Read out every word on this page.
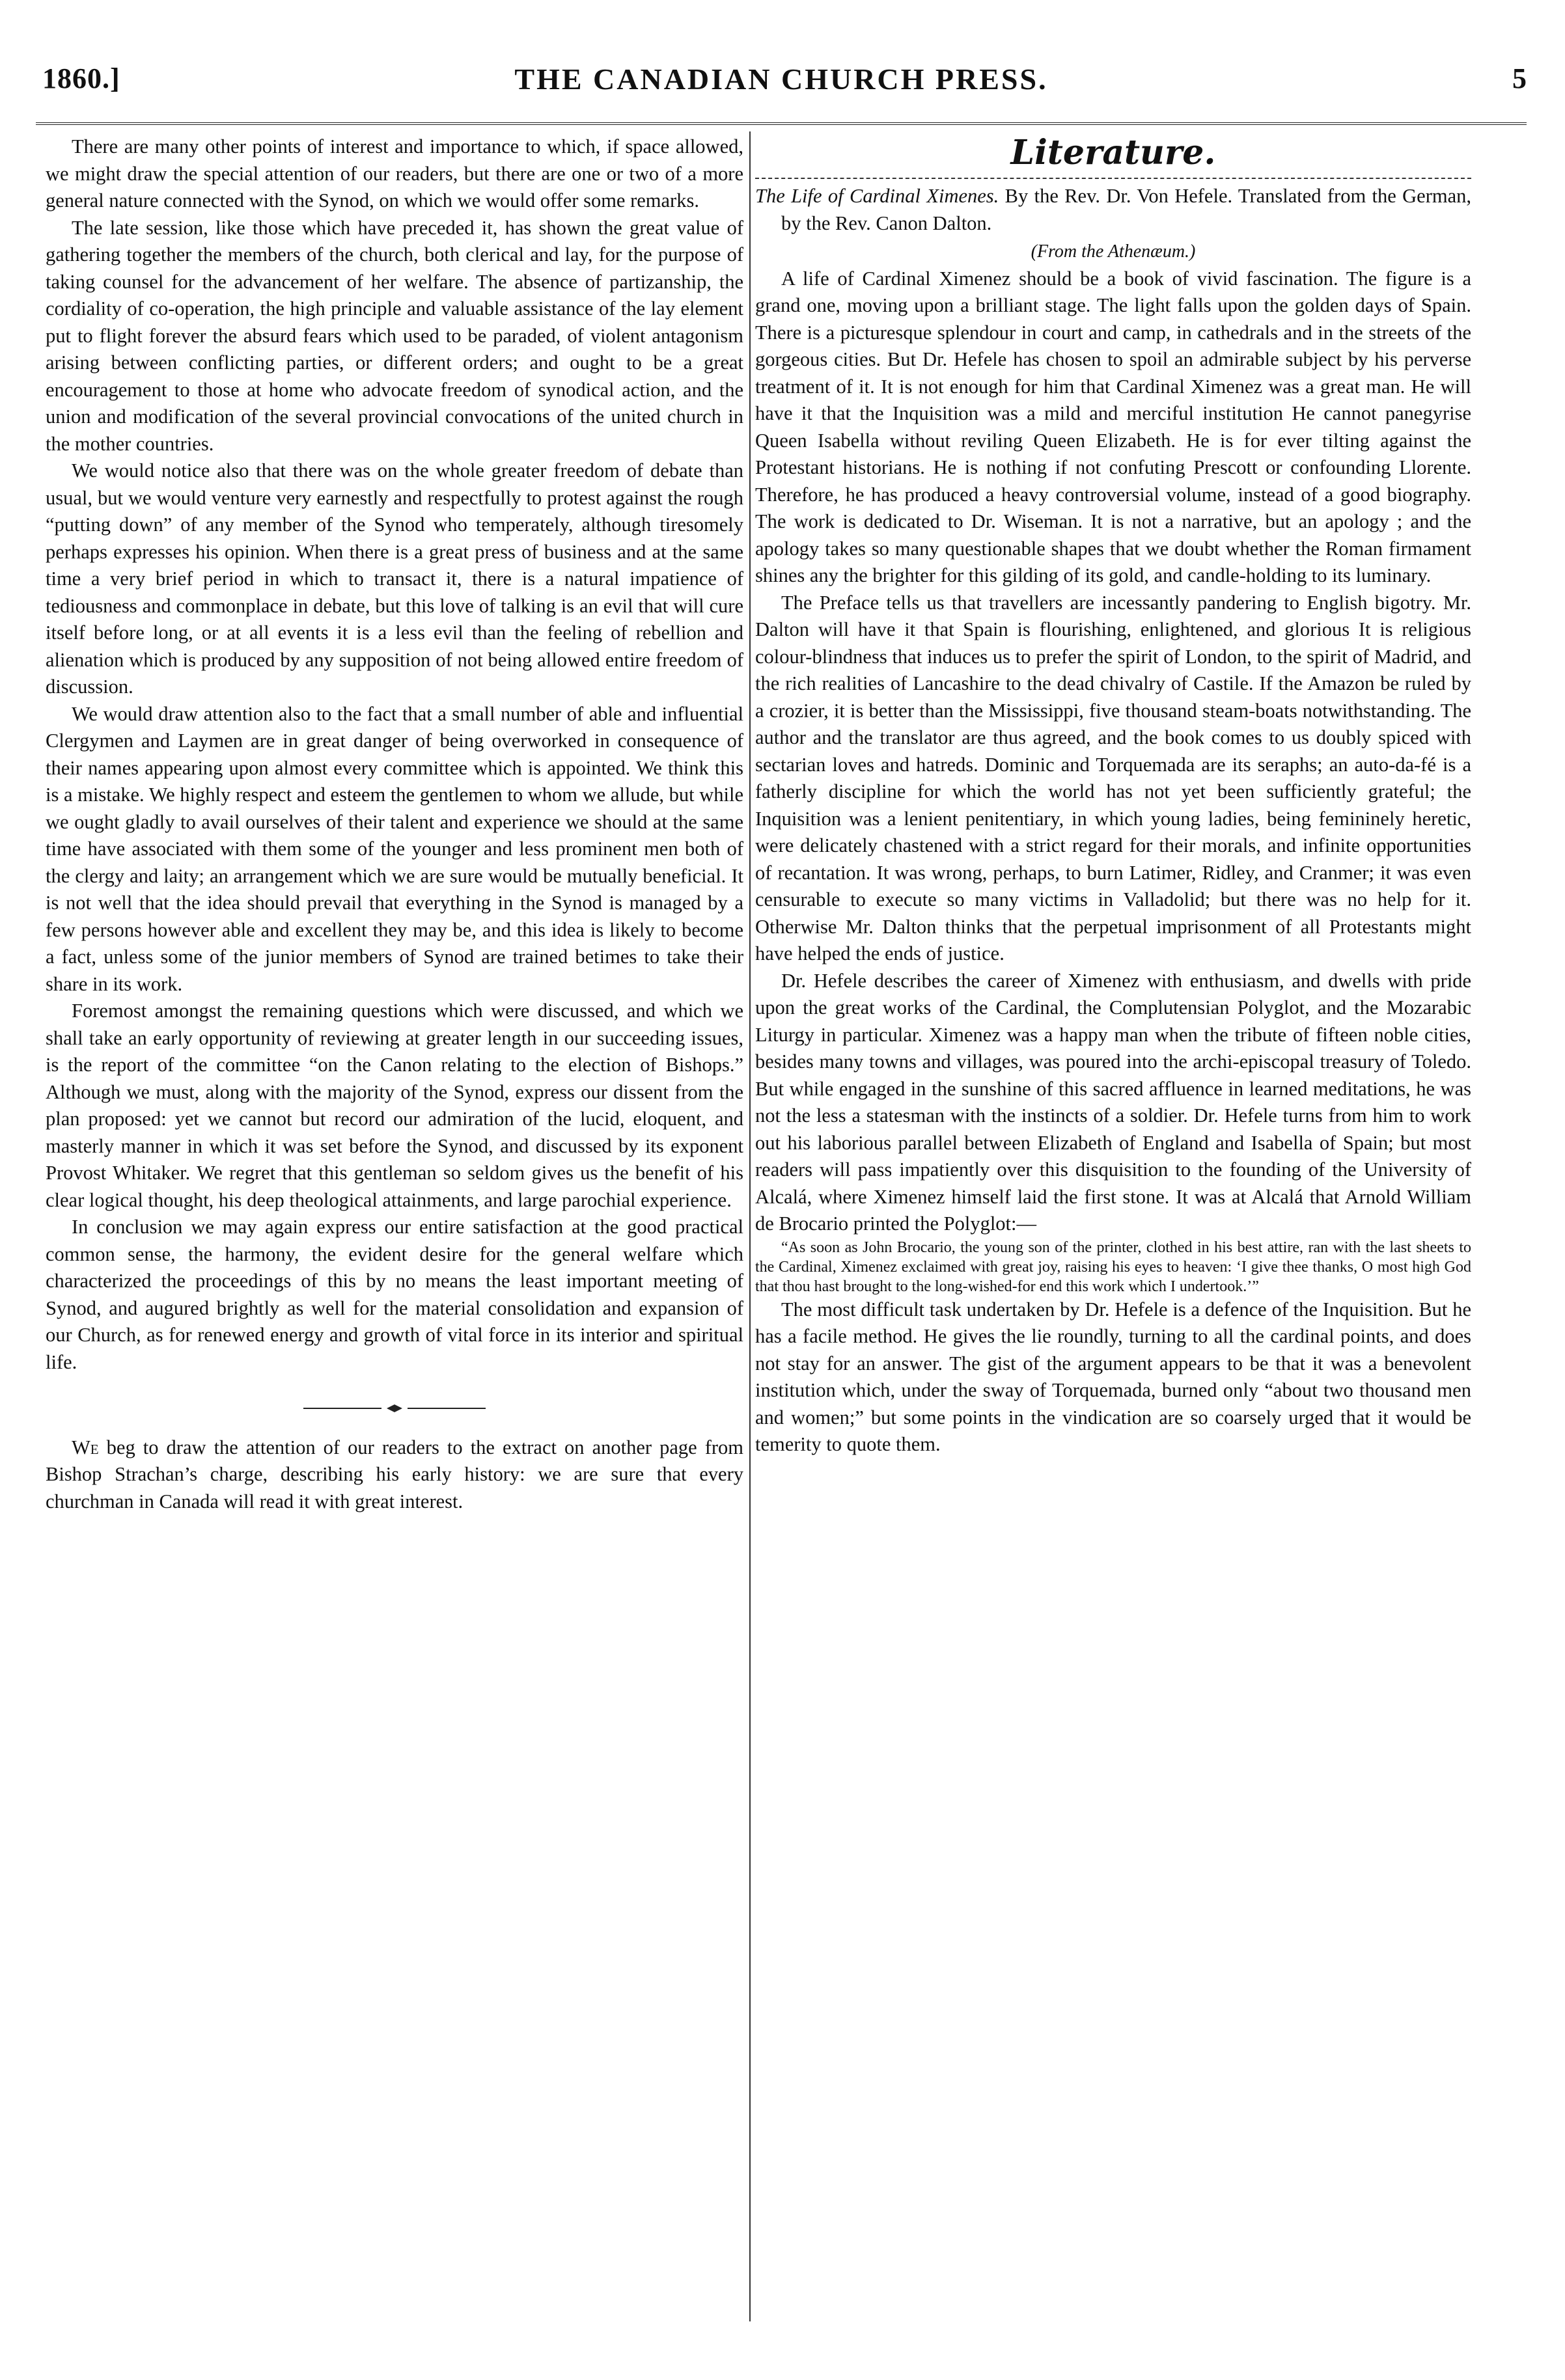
1860.]	THE CANADIAN CHURCH PRESS.	5

There are many other points of interest and importance to which, if space allowed, we might draw the special attention of our readers, but there are one or two of a more general nature connected with the Synod, on which we would offer some remarks.

The late session, like those which have preceded it, has shown the great value of gathering together the members of the church, both clerical and lay, for the purpose of taking counsel for the advancement of her welfare. The absence of partizanship, the cordiality of co-operation, the high principle and valuable assistance of the lay element put to flight forever the absurd fears which used to be paraded, of violent antagonism arising between conflicting parties, or different orders; and ought to be a great encouragement to those at home who advocate freedom of synodical action, and the union and modification of the several provincial convocations of the united church in the mother countries.

We would notice also that there was on the whole greater freedom of debate than usual, but we would venture very earnestly and respectfully to protest against the rough “putting down” of any member of the Synod who temperately, although tiresomely perhaps expresses his opinion. When there is a great press of business and at the same time a very brief period in which to transact it, there is a natural impatience of tediousness and commonplace in debate, but this love of talking is an evil that will cure itself before long, or at all events it is a less evil than the feeling of rebellion and alienation which is produced by any supposition of not being allowed entire freedom of discussion.

We would draw attention also to the fact that a small number of able and influential Clergymen and Laymen are in great danger of being overworked in consequence of their names appearing upon almost every committee which is appointed. We think this is a mistake. We highly respect and esteem the gentlemen to whom we allude, but while we ought gladly to avail ourselves of their talent and experience we should at the same time have associated with them some of the younger and less prominent men both of the clergy and laity; an arrangement which we are sure would be mutually beneficial. It is not well that the idea should prevail that everything in the Synod is managed by a few persons however able and excellent they may be, and this idea is likely to become a fact, unless some of the junior members of Synod are trained betimes to take their share in its work.

Foremost amongst the remaining questions which were discussed, and which we shall take an early opportunity of reviewing at greater length in our succeeding issues, is the report of the committee “on the Canon relating to the election of Bishops.” Although we must, along with the majority of the Synod, express our dissent from the plan proposed: yet we cannot but record our admiration of the lucid, eloquent, and masterly manner in which it was set before the Synod, and discussed by its exponent Provost Whitaker. We regret that this gentleman so seldom gives us the benefit of his clear logical thought, his deep theological attainments, and large parochial experience.

In conclusion we may again express our entire satisfaction at the good practical common sense, the harmony, the evident desire for the general welfare which characterized the proceedings of this by no means the least important meeting of Synod, and augured brightly as well for the material consolidation and expansion of our Church, as for renewed energy and growth of vital force in its interior and spiritual life.

We beg to draw the attention of our readers to the extract on another page from Bishop Strachan’s charge, describing his early history: we are sure that every churchman in Canada will read it with great interest.

Literature.

The Life of Cardinal Ximenes. By the Rev. Dr. Von Hefele. Translated from the German, by the Rev. Canon Dalton.

(From the Athenæum.)

A life of Cardinal Ximenez should be a book of vivid fascination. The figure is a grand one, moving upon a brilliant stage. The light falls upon the golden days of Spain. There is a picturesque splendour in court and camp, in cathedrals and in the streets of the gorgeous cities. But Dr. Hefele has chosen to spoil an admirable subject by his perverse treatment of it. It is not enough for him that Cardinal Ximenez was a great man. He will have it that the Inquisition was a mild and merciful institution He cannot panegyrise Queen Isabella without reviling Queen Elizabeth. He is for ever tilting against the Protestant historians. He is nothing if not confuting Prescott or confounding Llorente. Therefore, he has produced a heavy controversial volume, instead of a good biography. The work is dedicated to Dr. Wiseman. It is not a narrative, but an apology ; and the apology takes so many questionable shapes that we doubt whether the Roman firmament shines any the brighter for this gilding of its gold, and candle-holding to its luminary.

The Preface tells us that travellers are incessantly pandering to English bigotry. Mr. Dalton will have it that Spain is flourishing, enlightened, and glorious It is religious colour-blindness that induces us to prefer the spirit of London, to the spirit of Madrid, and the rich realities of Lancashire to the dead chivalry of Castile. If the Amazon be ruled by a crozier, it is better than the Mississippi, five thousand steam-boats notwithstanding. The author and the translator are thus agreed, and the book comes to us doubly spiced with sectarian loves and hatreds. Dominic and Torquemada are its seraphs; an auto-da-fé is a fatherly discipline for which the world has not yet been sufficiently grateful; the Inquisition was a lenient penitentiary, in which young ladies, being femininely heretic, were delicately chastened with a strict regard for their morals, and infinite opportunities of recantation. It was wrong, perhaps, to burn Latimer, Ridley, and Cranmer; it was even censurable to execute so many victims in Valladolid; but there was no help for it. Otherwise Mr. Dalton thinks that the perpetual imprisonment of all Protestants might have helped the ends of justice.

Dr. Hefele describes the career of Ximenez with enthusiasm, and dwells with pride upon the great works of the Cardinal, the Complutensian Polyglot, and the Mozarabic Liturgy in particular. Ximenez was a happy man when the tribute of fifteen noble cities, besides many towns and villages, was poured into the archi-episcopal treasury of Toledo. But while engaged in the sunshine of this sacred affluence in learned meditations, he was not the less a statesman with the instincts of a soldier. Dr. Hefele turns from him to work out his laborious parallel between Elizabeth of England and Isabella of Spain; but most readers will pass impatiently over this disquisition to the founding of the University of Alcalá, where Ximenez himself laid the first stone. It was at Alcalá that Arnold William de Brocario printed the Polyglot:—

“As soon as John Brocario, the young son of the printer, clothed in his best attire, ran with the last sheets to the Cardinal, Ximenez exclaimed with great joy, raising his eyes to heaven: ‘I give thee thanks, O most high God that thou hast brought to the long-wished-for end this work which I undertook.’”

The most difficult task undertaken by Dr. Hefele is a defence of the Inquisition. But he has a facile method. He gives the lie roundly, turning to all the cardinal points, and does not stay for an answer. The gist of the argument appears to be that it was a benevolent institution which, under the sway of Torquemada, burned only “about two thousand men and women;” but some points in the vindication are so coarsely urged that it would be temerity to quote them.
